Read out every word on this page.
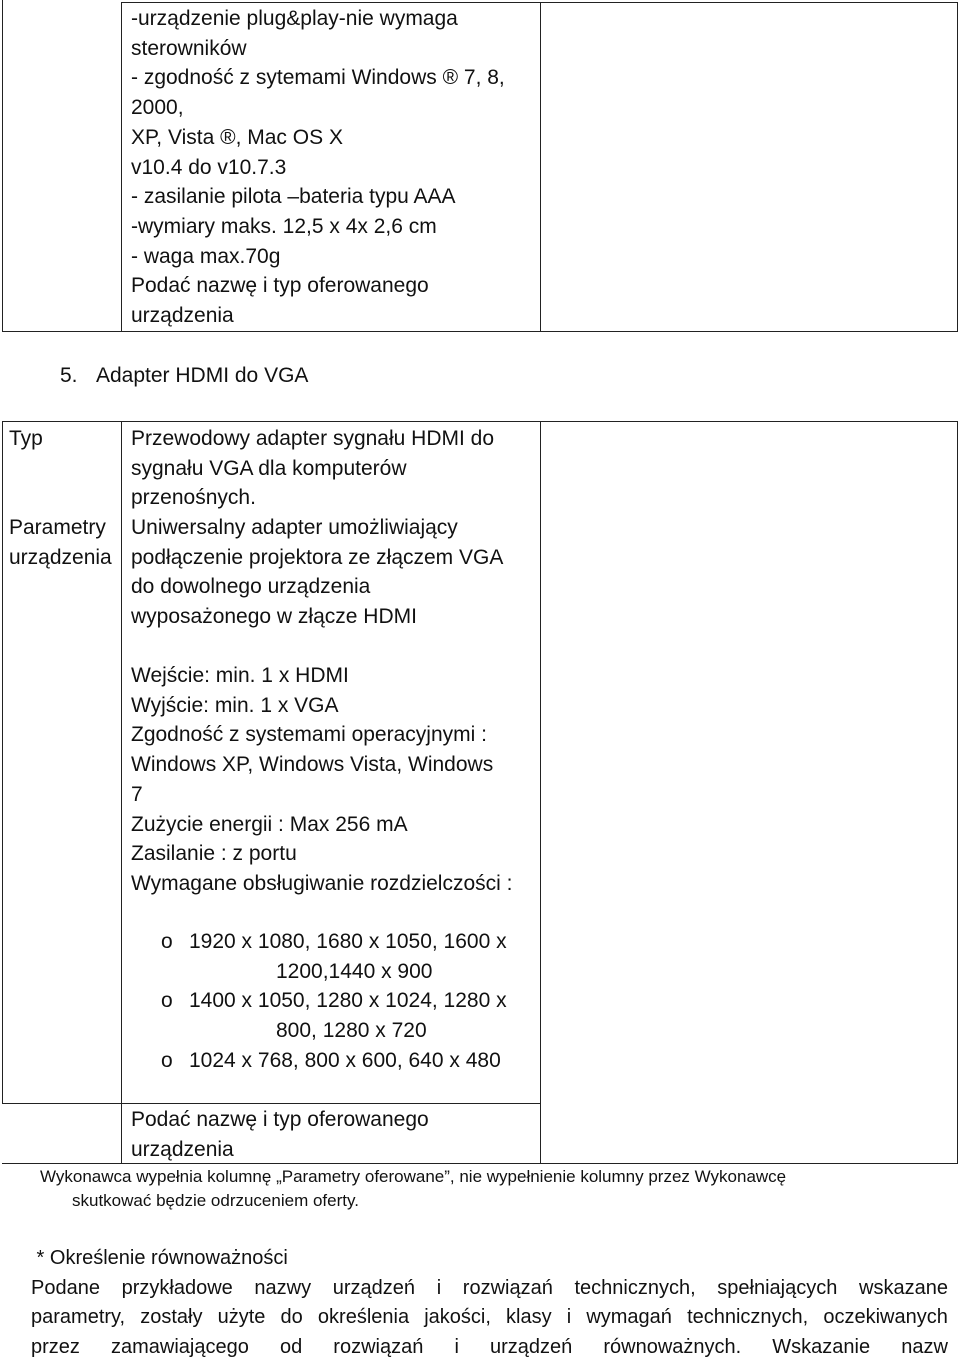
-urządzenie plug&play-nie wymaga
sterowników
- zgodność z sytemami Windows ® 7, 8,
2000,
XP, Vista ®, Mac OS X
v10.4 do v10.7.3
- zasilanie pilota –bateria typu AAA
-wymiary maks. 12,5 x 4x 2,6 cm
- waga max.70g
Podać nazwę i typ oferowanego
urządzenia
5. Adapter HDMI do VGA
Typ
Parametry
urządzenia
Przewodowy adapter sygnału HDMI do
sygnału VGA dla komputerów
przenośnych.
Uniwersalny adapter umożliwiający
podłączenie projektora ze złączem VGA
do dowolnego urządzenia
wyposażonego w złącze HDMI
Wejście: min. 1 x HDMI
Wyjście: min. 1 x VGA
Zgodność z systemami operacyjnymi :
Windows XP, Windows Vista, Windows
7
Zużycie energii : Max 256 mA
Zasilanie : z portu
Wymagane obsługiwanie rozdzielczości :
o 1920 x 1080, 1680 x 1050, 1600 x
1200,1440 x 900
o 1400 x 1050, 1280 x 1024, 1280 x
800, 1280 x 720
o 1024 x 768, 800 x 600, 640 x 480
Podać nazwę i typ oferowanego
urządzenia
Wykonawca wypełnia kolumnę „Parametry oferowane”, nie wypełnienie kolumny przez Wykonawcę
skutkować będzie odrzuceniem oferty.
* Określenie równoważności
Podane przykładowe nazwy urządzeń i rozwiązań technicznych, spełniających wskazane
parametry, zostały użyte do określenia jakości, klasy i wymagań technicznych, oczekiwanych
przez zamawiającego od rozwiązań i urządzeń równoważnych. Wskazanie nazw
